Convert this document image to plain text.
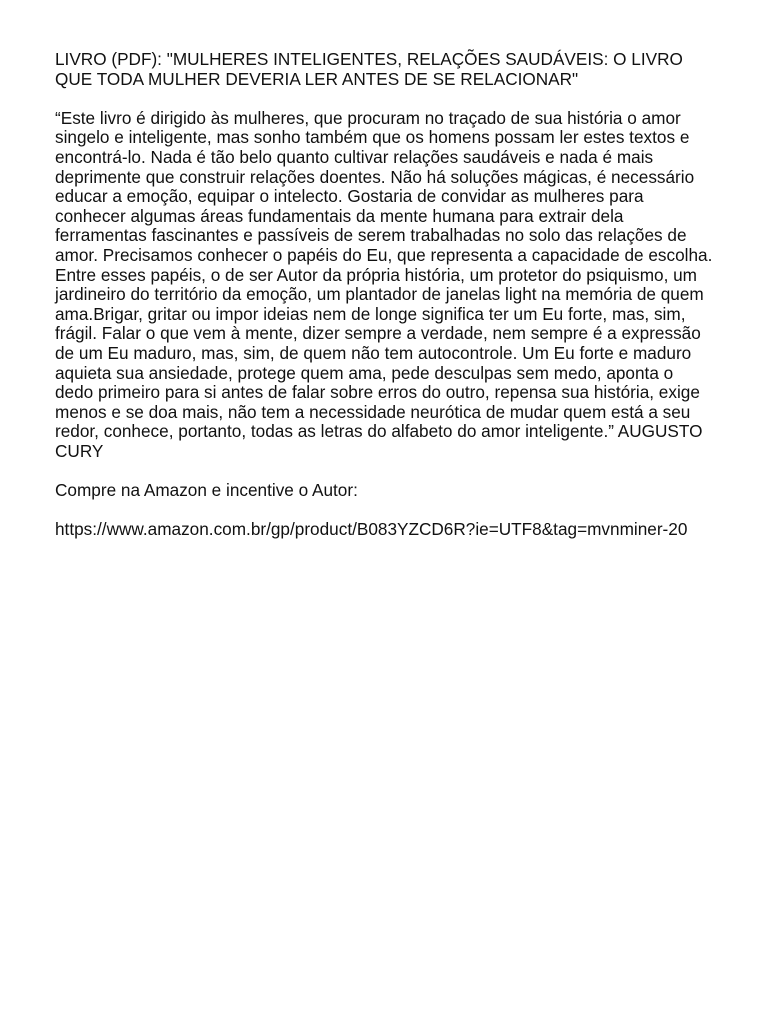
LIVRO (PDF): "MULHERES INTELIGENTES, RELAÇÕES SAUDÁVEIS: O LIVRO QUE TODA MULHER DEVERIA LER ANTES DE SE RELACIONAR"

“Este livro é dirigido às mulheres, que procuram no traçado de sua história o amor singelo e inteligente, mas sonho também que os homens possam ler estes textos e encontrá-lo. Nada é tão belo quanto cultivar relações saudáveis e nada é mais deprimente que construir relações doentes. Não há soluções mágicas, é necessário educar a emoção, equipar o intelecto. Gostaria de convidar as mulheres para conhecer algumas áreas fundamentais da mente humana para extrair dela ferramentas fascinantes e passíveis de serem trabalhadas no solo das relações de amor. Precisamos conhecer o papéis do Eu, que representa a capacidade de escolha. Entre esses papéis, o de ser Autor da própria história, um protetor do psiquismo, um jardineiro do território da emoção, um plantador de janelas light na memória de quem ama.Brigar, gritar ou impor ideias nem de longe significa ter um Eu forte, mas, sim, frágil. Falar o que vem à mente, dizer sempre a verdade, nem sempre é a expressão de um Eu maduro, mas, sim, de quem não tem autocontrole. Um Eu forte e maduro aquieta sua ansiedade, protege quem ama, pede desculpas sem medo, aponta o dedo primeiro para si antes de falar sobre erros do outro, repensa sua história, exige menos e se doa mais, não tem a necessidade neurótica de mudar quem está a seu redor, conhece, portanto, todas as letras do alfabeto do amor inteligente.” AUGUSTO CURY

Compre na Amazon e incentive o Autor:

https://www.amazon.com.br/gp/product/B083YZCD6R?ie=UTF8&tag=mvnminer-20
